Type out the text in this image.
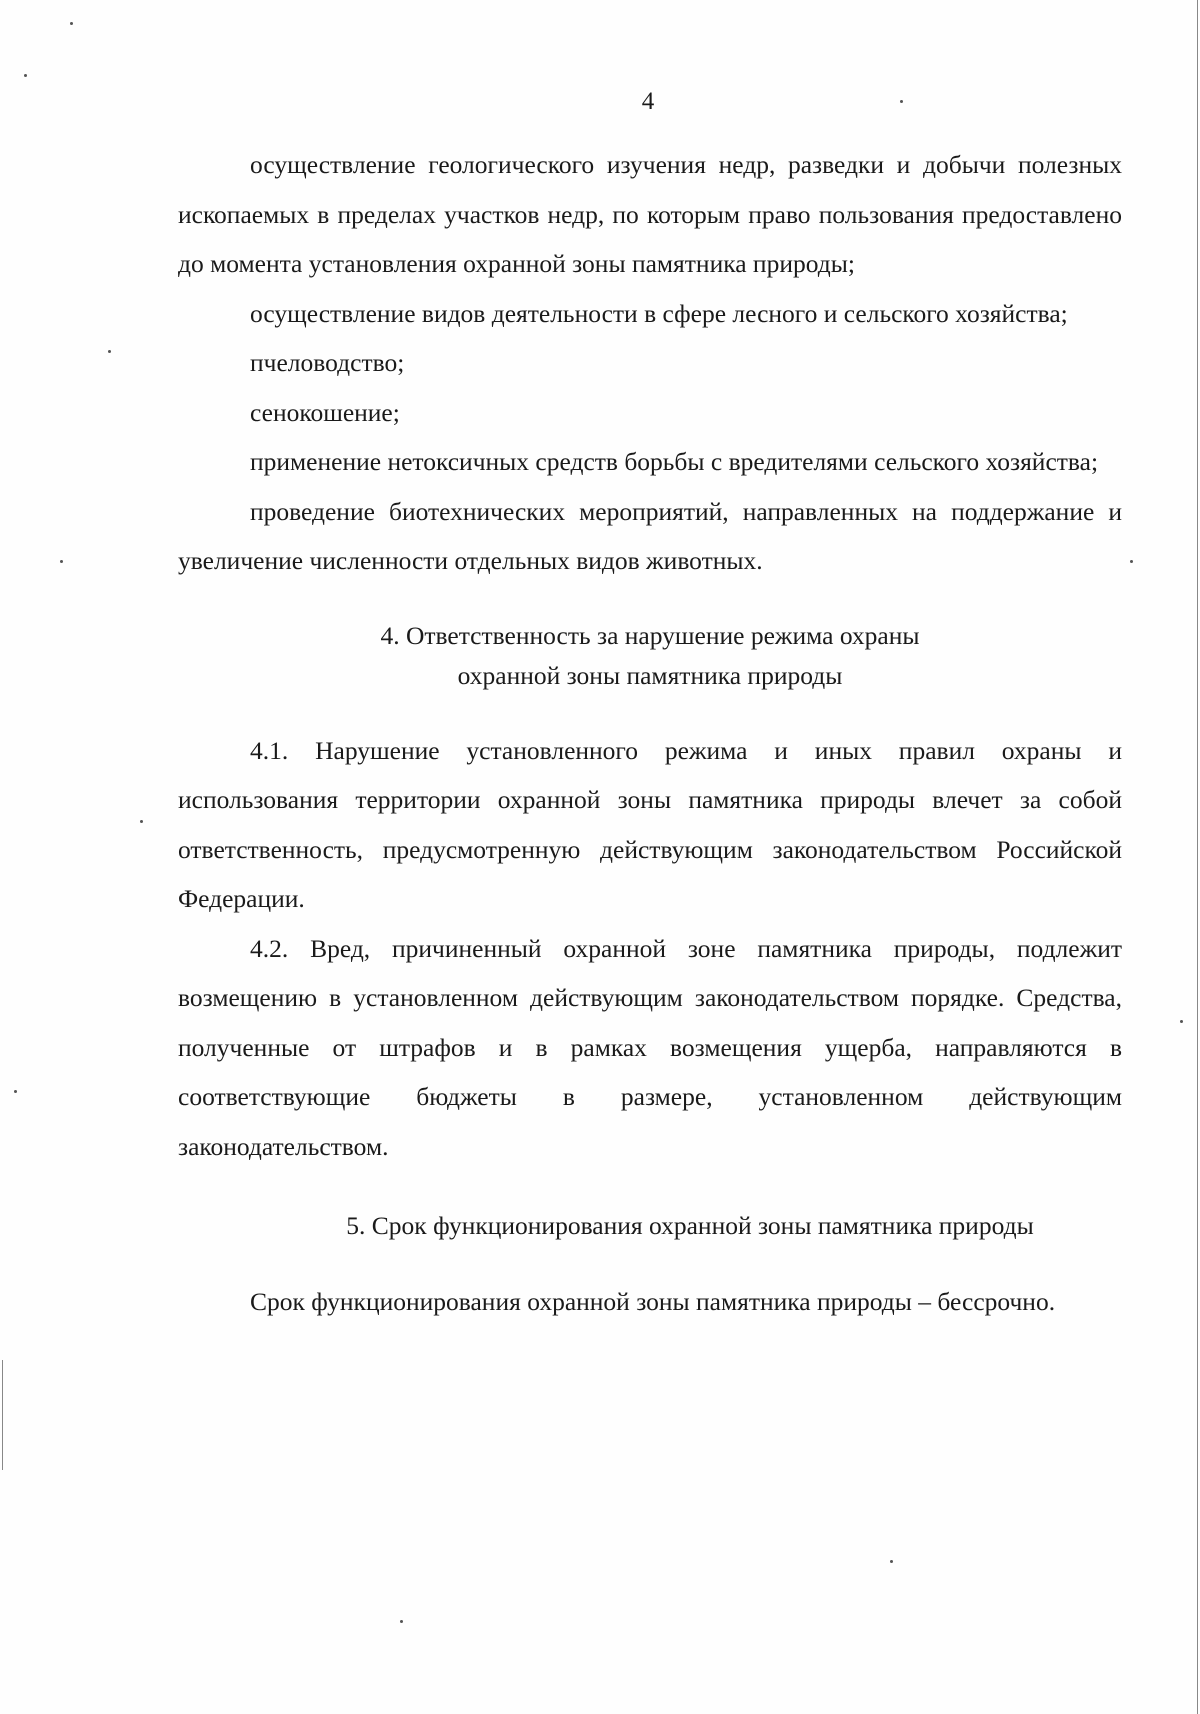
4

осуществление геологического изучения недр, разведки и добычи полезных ископаемых в пределах участков недр, по которым право пользования предоставлено до момента установления охранной зоны памятника природы;

осуществление видов деятельности в сфере лесного и сельского хозяйства;

пчеловодство;

сенокошение;

применение нетоксичных средств борьбы с вредителями сельского хозяйства;

проведение биотехнических мероприятий, направленных на поддержание и увеличение численности отдельных видов животных.

4. Ответственность за нарушение режима охраны
охранной зоны памятника природы

4.1. Нарушение установленного режима и иных правил охраны и использования территории охранной зоны памятника природы влечет за собой ответственность, предусмотренную действующим законодательством Российской Федерации.

4.2. Вред, причиненный охранной зоне памятника природы, подлежит возмещению в установленном действующим законодательством порядке. Средства, полученные от штрафов и в рамках возмещения ущерба, направляются в соответствующие бюджеты в размере, установленном действующим законодательством.

5. Срок функционирования охранной зоны памятника природы

Срок функционирования охранной зоны памятника природы – бессрочно.
